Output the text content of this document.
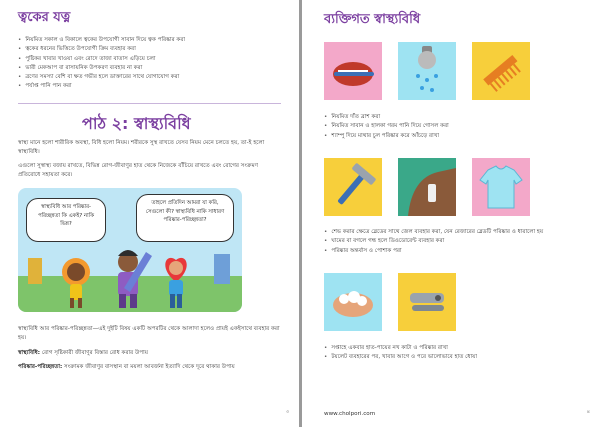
ত্বকের যত্ন
• নিয়মিত সকাল ও বিকালে ত্বকের উপযোগী সাবান দিয়ে ত্বক পরিষ্কার করা
• ত্বকের ধরনের ভিত্তিতে উপযোগী ক্রিম ব্যবহার করা
• পুষ্টিকর খাবার খাওয়া এবং রোদে তাজা বাতাস এড়িয়ে চলা
• ভারী মেকআপ বা রাসায়নিক উপকরণ ব্যবহার না করা
• ব্রণের সমস্যা বেশি বা ক্ষত গভীর হলে ডাক্তারের সাথে যোগাযোগ করা
• পর্যাপ্ত পানি পান করা
পাঠ ২: স্বাস্থ্যবিধি

স্বাস্থ্য মানে হলো শারীরিক অবস্থা, বিধি হলো নিয়ম। শরীরকে সুস্থ রাখতে যেসব নিয়ম মেনে চলতে হয়, তা-ই হলো স্বাস্থ্যবিধি।

এগুলো সুস্বাস্থ্য বজায় রাখতে, বিভিন্ন রোগ-জীবাণুর হাত থেকে নিজেকে বাঁচিয়ে রাখতে এবং রোগের সংক্রমণ প্রতিরোধে সহায়তা করে।

স্বাস্থ্যবিধি আর পরিষ্কার-পরিচ্ছন্নতা কি একই? নাকি ভিন্ন?
তাহলে প্রতিদিন আমরা যা করি, সেগুলো কী? স্বাস্থ্যবিধি নাকি সাধারণ পরিষ্কার-পরিচ্ছন্নতা?

স্বাস্থ্যবিধি আর পরিষ্কার-পরিচ্ছন্নতা—এই দুইটি বিষয় একটি অপরটির থেকে আলাদা হলেও প্রায়ই একইসাথে ব্যবহার করা হয়।

স্বাস্থ্যবিধি: রোগ সৃষ্টিকারী জীবাণুর বিস্তার রোধ করার উপায়

পরিষ্কার-পরিচ্ছন্নতা: সংক্রামক জীবাণুর বাসস্থান বা ময়লা আবর্জনা ইত্যাদি থেকে দূরে থাকার উপায়

৩
ব্যক্তিগত স্বাস্থ্যবিধি
• নিয়মিত দাঁত ব্রাশ করা
• নিয়মিত সাবান ও হালকা গরম পানি দিয়ে গোসল করা
• শ্যাম্পু দিয়ে মাথার চুল পরিষ্কার করে আঁচড়ে রাখা
• শেভ করার ক্ষেত্রে ব্লেডের সাথে জেল ব্যবহার করা, যেন রেজারের ব্লেডটি পরিষ্কার ও ধারালো হয়
• ঘামের বা বগলে গন্ধ হলে ডিওডোরেন্ট ব্যবহার করা
• পরিষ্কার অন্তর্বাস ও পোশাক পরা
• সপ্তাহে একবার হাত-পায়ের নখ কাটা ও পরিষ্কার রাখা
• টয়লেট ব্যবহারের পর, খাবার আগে ও পরে ভালোভাবে হাত ধোয়া
www.cholpori.com	৪
